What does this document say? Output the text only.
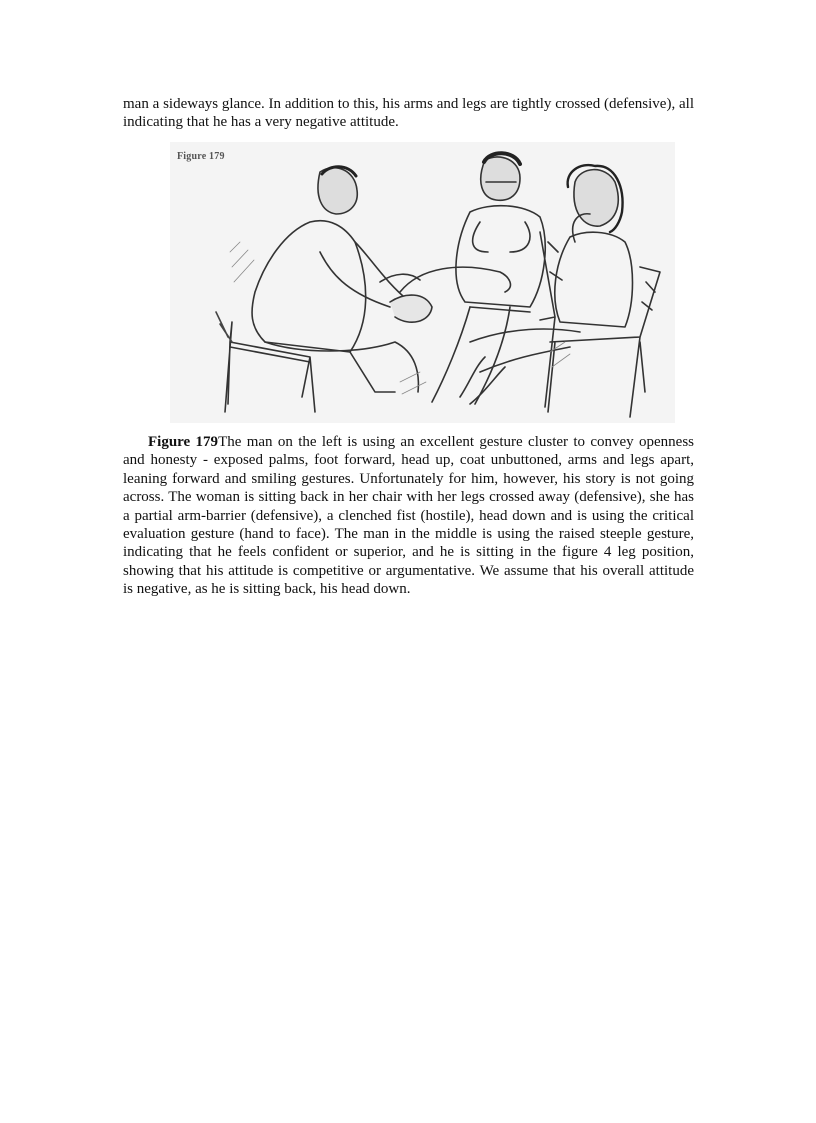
man a sideways glance. In addition to this, his arms and legs are tightly crossed (defensive), all indicating that he has a very negative attitude.
Figure 179
Figure 179The man on the left is using an excellent gesture cluster to convey openness and honesty - exposed palms, foot forward, head up, coat unbuttoned, arms and legs apart, leaning forward and smiling gestures. Unfortunately for him, however, his story is not going across. The woman is sitting back in her chair with her legs crossed away (defensive), she has a partial arm-barrier (defensive), a clenched fist (hostile), head down and is using the critical evaluation gesture (hand to face). The man in the middle is using the raised steeple gesture, indicating that he feels confident or superior, and he is sitting in the figure 4 leg position, showing that his attitude is competitive or argumentative. We assume that his overall attitude is negative, as he is sitting back, his head down.
